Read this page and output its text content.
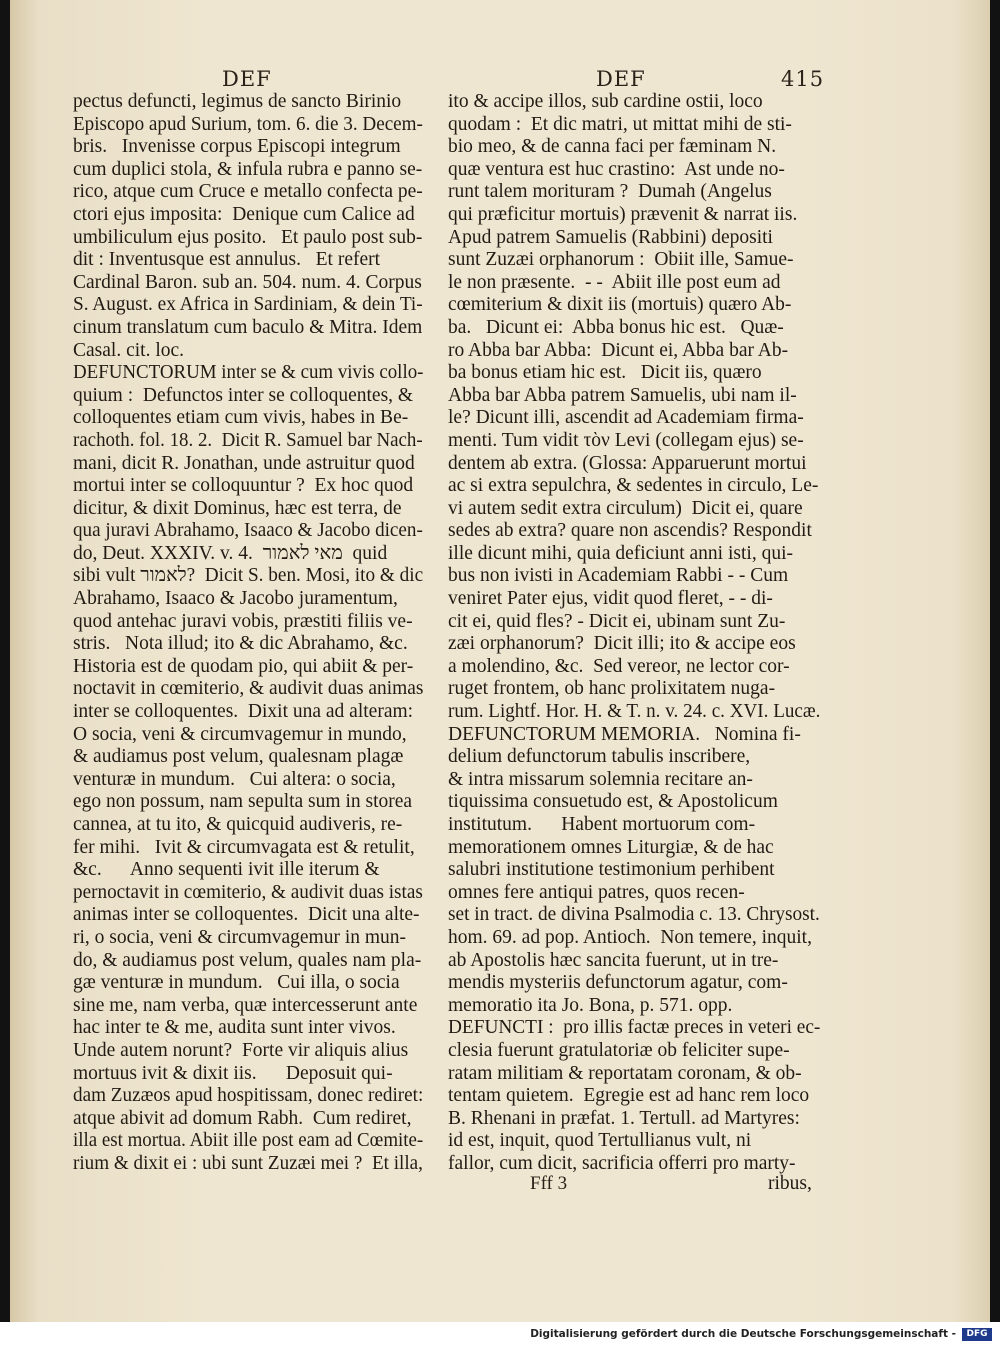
DEF	DEF	415
pectus defuncti, legimus de sancto Birinio
Episcopo apud Surium, tom. 6. die 3. Decem-
bris.   Invenisse corpus Episcopi integrum
cum duplici stola, & infula rubra e panno se-
rico, atque cum Cruce e metallo confecta pe-
ctori ejus imposita:  Denique cum Calice ad
umbiliculum ejus posito.   Et paulo post sub-
dit : Inventusque est annulus.   Et refert
Cardinal Baron. sub an. 504. num. 4. Corpus
S. August. ex Africa in Sardiniam, & dein Ti-
cinum translatum cum baculo & Mitra. Idem
Casal. cit. loc.
DEFUNCTORUM inter se & cum vivis collo-
quium :  Defunctos inter se colloquentes, &
colloquentes etiam cum vivis, habes in Be-
rachoth. fol. 18. 2.  Dicit R. Samuel bar Nach-
mani, dicit R. Jonathan, unde astruitur quod
mortui inter se colloquuntur ?  Ex hoc quod
dicitur, & dixit Dominus, hæc est terra, de
qua juravi Abrahamo, Isaaco & Jacobo dicen-
do, Deut. XXXIV. v. 4.  מאי לאמור  quid
sibi vult לאמור?  Dicit S. ben. Mosi, ito & dic
Abrahamo, Isaaco & Jacobo juramentum,
quod antehac juravi vobis, præstiti filiis ve-
stris.   Nota illud; ito & dic Abrahamo, &c.
Historia est de quodam pio, qui abiit & per-
noctavit in cœmiterio, & audivit duas animas
inter se colloquentes.  Dixit una ad alteram:
O socia, veni & circumvagemur in mundo,
& audiamus post velum, qualesnam plagæ
venturæ in mundum.   Cui altera: o socia,
ego non possum, nam sepulta sum in storea
cannea, at tu ito, & quicquid audiveris, re-
fer mihi.   Ivit & circumvagata est & retulit,
&c.      Anno sequenti ivit ille iterum &
pernoctavit in cœmiterio, & audivit duas istas
animas inter se colloquentes.  Dicit una alte-
ri, o socia, veni & circumvagemur in mun-
do, & audiamus post velum, quales nam pla-
gæ venturæ in mundum.   Cui illa, o socia
sine me, nam verba, quæ intercesserunt ante
hac inter te & me, audita sunt inter vivos.
Unde autem norunt?  Forte vir aliquis alius
mortuus ivit & dixit iis.      Deposuit qui-
dam Zuzæos apud hospitissam, donec rediret:
atque abivit ad domum Rabh.  Cum rediret,
illa est mortua. Abiit ille post eam ad Cœmite-
rium & dixit ei : ubi sunt Zuzæi mei ?  Et illa,
ito & accipe illos, sub cardine ostii, loco
quodam :  Et dic matri, ut mittat mihi de sti-
bio meo, & de canna faci per fæminam N.
quæ ventura est huc crastino:  Ast unde no-
runt talem morituram ?  Dumah (Angelus
qui præficitur mortuis) prævenit & narrat iis.
Apud patrem Samuelis (Rabbini) depositi
sunt Zuzæi orphanorum :  Obiit ille, Samue-
le non præsente.  - -  Abiit ille post eum ad
cœmiterium & dixit iis (mortuis) quæro Ab-
ba.   Dicunt ei:  Abba bonus hic est.   Quæ-
ro Abba bar Abba:  Dicunt ei, Abba bar Ab-
ba bonus etiam hic est.   Dicit iis, quæro
Abba bar Abba patrem Samuelis, ubi nam il-
le? Dicunt illi, ascendit ad Academiam firma-
menti. Tum vidit τὸν Levi (collegam ejus) se-
dentem ab extra. (Glossa: Apparuerunt mortui
ac si extra sepulchra, & sedentes in circulo, Le-
vi autem sedit extra circulum)  Dicit ei, quare
sedes ab extra? quare non ascendis? Respondit
ille dicunt mihi, quia deficiunt anni isti, qui-
bus non ivisti in Academiam Rabbi - - Cum
veniret Pater ejus, vidit quod fleret, - - di-
cit ei, quid fles? - Dicit ei, ubinam sunt Zu-
zæi orphanorum?  Dicit illi; ito & accipe eos
a molendino, &c.  Sed vereor, ne lector cor-
ruget frontem, ob hanc prolixitatem nuga-
rum. Lightf. Hor. H. & T. n. v. 24. c. XVI. Lucæ.
DEFUNCTORUM MEMORIA.   Nomina fi-
delium defunctorum tabulis inscribere,
& intra missarum solemnia recitare an-
tiquissima consuetudo est, & Apostolicum
institutum.      Habent mortuorum com-
memorationem omnes Liturgiæ, & de hac
salubri institutione testimonium perhibent
omnes fere antiqui patres, quos recen-
set in tract. de divina Psalmodia c. 13. Chrysost.
hom. 69. ad pop. Antioch.  Non temere, inquit,
ab Apostolis hæc sancita fuerunt, ut in tre-
mendis mysteriis defunctorum agatur, com-
memoratio ita Jo. Bona, p. 571. opp.
DEFUNCTI :  pro illis factæ preces in veteri ec-
clesia fuerunt gratulatoriæ ob feliciter supe-
ratam militiam & reportatam coronam, & ob-
tentam quietem.  Egregie est ad hanc rem loco
B. Rhenani in præfat. 1. Tertull. ad Martyres:
id est, inquit, quod Tertullianus vult, ni
fallor, cum dicit, sacrificia offerri pro marty-
Fff 3	ribus,
Digitalisierung gefördert durch die Deutsche Forschungsgemeinschaft -	DFG
